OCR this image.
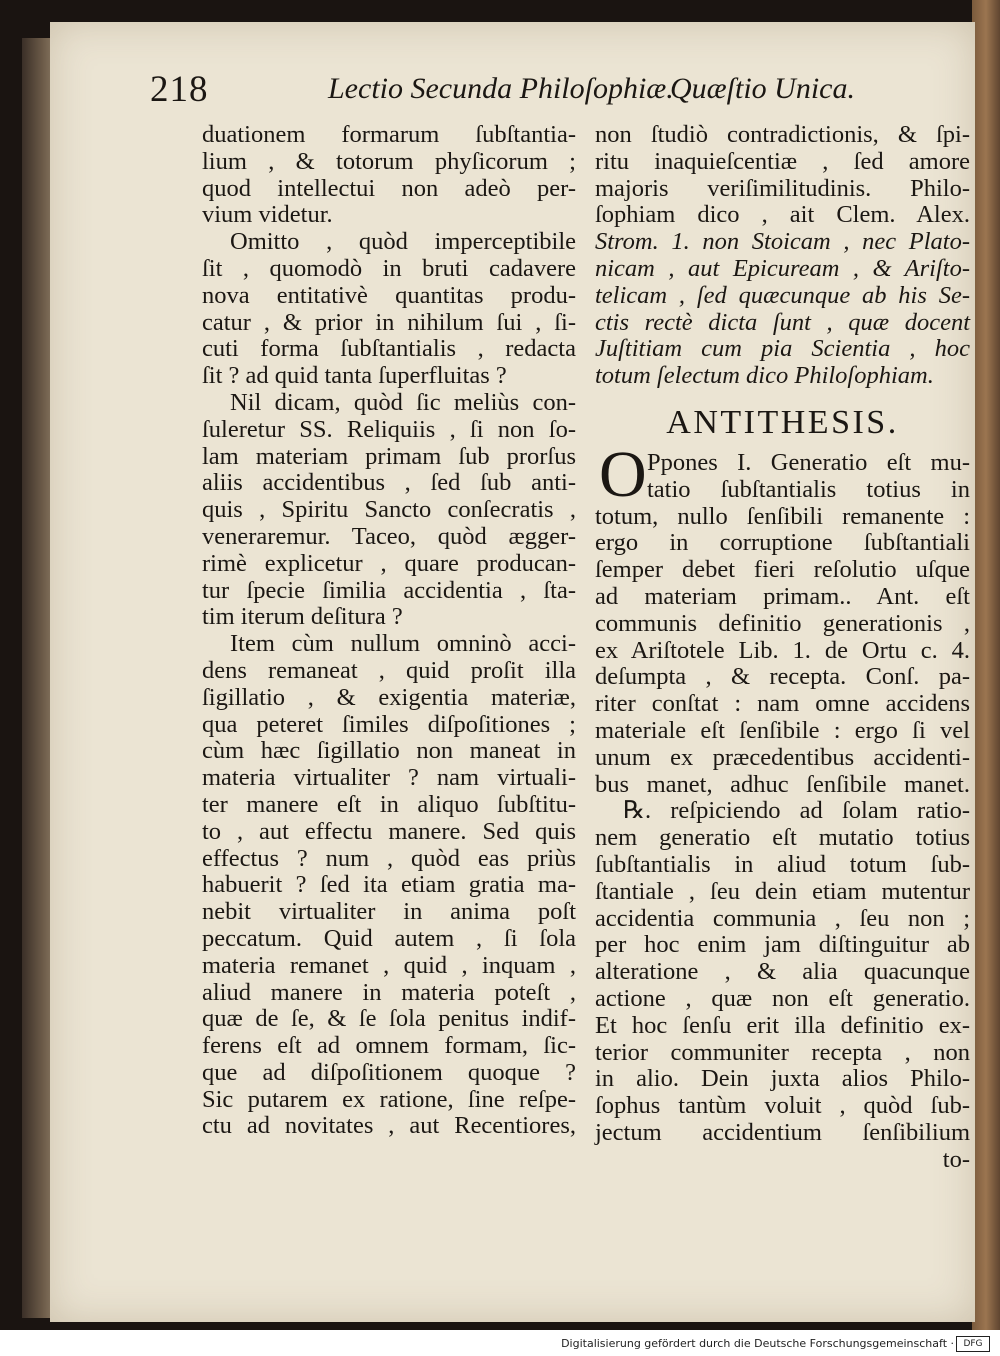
218	Lectio Secunda Philoſophiæ.
Quæſtio Unica.
duationem formarum ſubſtantia-
lium , & totorum phyſicorum ;
quod intellectui non adeò per-
vium videtur.
Omitto , quòd imperceptibile
ſit , quomodò in bruti cadavere
nova entitativè quantitas produ-
catur , & prior in nihilum ſui , ſi-
cuti forma ſubſtantialis , redacta
ſit ? ad quid tanta ſuperfluitas ?
Nil dicam, quòd ſic meliùs con-
ſuleretur SS. Reliquiis , ſi non ſo-
lam materiam primam ſub prorſus
aliis accidentibus , ſed ſub anti-
quis , Spiritu Sancto conſecratis ,
veneraremur. Taceo, quòd ægger-
rimè explicetur , quare producan-
tur ſpecie ſimilia accidentia , ſta-
tim iterum deſitura ?
Item cùm nullum omninò acci-
dens remaneat , quid proſit illa
ſigillatio , & exigentia materiæ,
qua peteret ſimiles diſpoſitiones ;
cùm hæc ſigillatio non maneat in
materia virtualiter ? nam virtuali-
ter manere eſt in aliquo ſubſtitu-
to , aut effectu manere. Sed quis
effectus ? num , quòd eas priùs
habuerit ? ſed ita etiam gratia ma-
nebit virtualiter in anima poſt
peccatum. Quid autem , ſi ſola
materia remanet , quid , inquam ,
aliud manere in materia poteſt ,
quæ de ſe, & ſe ſola penitus indif-
ferens eſt ad omnem formam, ſic-
que ad diſpoſitionem quoque ?
Sic putarem ex ratione, ſine reſpe-
ctu ad novitates , aut Recentiores,
non ſtudiò contradictionis, & ſpi-
ritu inaquieſcentiæ , ſed amore
majoris veriſimilitudinis. Philo-
ſophiam dico , ait Clem. Alex.
Strom. 1. non Stoicam , nec Plato-
nicam , aut Epicuream , & Ariſto-
telicam , ſed quæcunque ab his Se-
ctis rectè dicta ſunt , quæ docent
Juſtitiam cum pia Scientia , hoc
totum ſelectum dico Philoſophiam.
ANTITHESIS.
O Ppones I. Generatio eſt mu-
tatio ſubſtantialis totius in
totum, nullo ſenſibili remanente :
ergo in corruptione ſubſtantiali
ſemper debet fieri reſolutio uſque
ad materiam primam.. Ant. eſt
communis definitio generationis ,
ex Ariſtotele Lib. 1. de Ortu c. 4.
deſumpta , & recepta. Conſ. pa-
riter conſtat : nam omne accidens
materiale eſt ſenſibile : ergo ſi vel
unum ex præcedentibus accidenti-
bus manet, adhuc ſenſibile manet.
℞. reſpiciendo ad ſolam ratio-
nem generatio eſt mutatio totius
ſubſtantialis in aliud totum ſub-
ſtantiale , ſeu dein etiam mutentur
accidentia communia , ſeu non ;
per hoc enim jam diſtinguitur ab
alteratione , & alia quacunque
actione , quæ non eſt generatio.
Et hoc ſenſu erit illa definitio ex-
terior communiter recepta , non
in alio. Dein juxta alios Philo-
ſophus tantùm voluit , quòd ſub-
jectum accidentium ſenſibilium
to-
Digitalisierung gefördert durch die Deutsche Forschungsgemeinschaft ·	DFG
